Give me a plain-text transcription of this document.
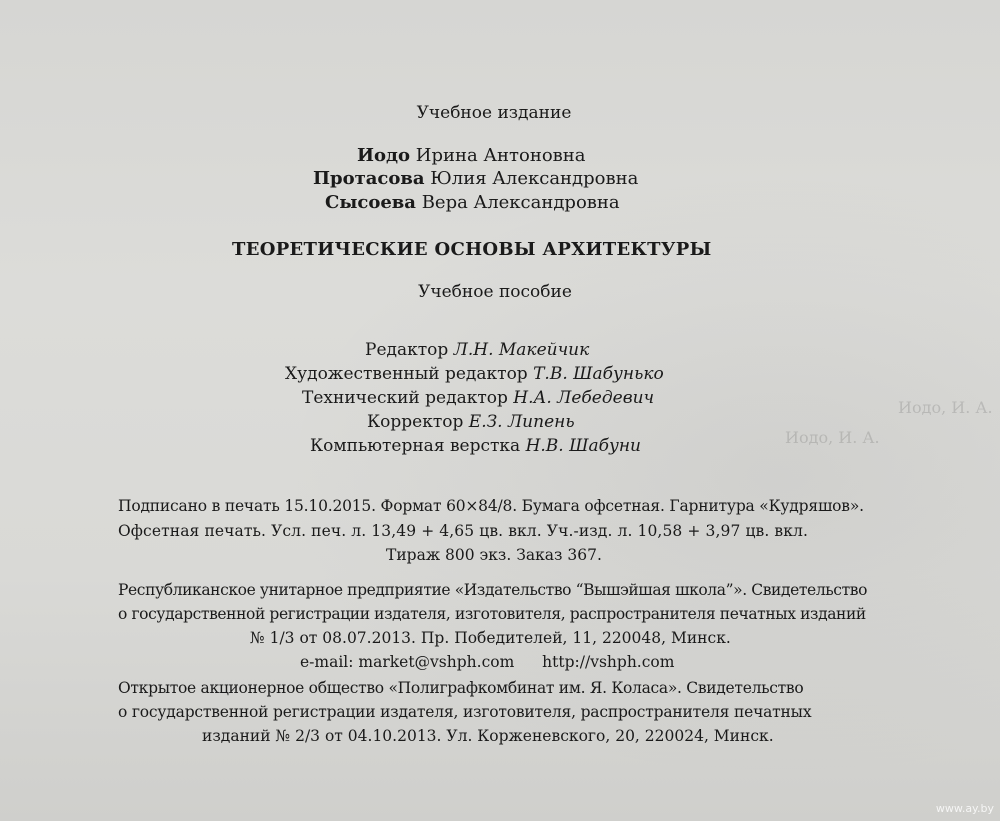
Иодо, И. А.
Иодо, И. А.
Учебное издание
Иодо Ирина Антоновна
Протасова Юлия Александровна
Сысоева Вера Александровна
ТЕОРЕТИЧЕСКИЕ ОСНОВЫ АРХИТЕКТУРЫ
Учебное пособие
Редактор Л.Н. Макейчик
Художественный редактор Т.В. Шабунько
Технический редактор Н.А. Лебедевич
Корректор Е.З. Липень
Компьютерная верстка Н.В. Шабуни
Подписано в печать 15.10.2015. Формат 60×84/8. Бумага офсетная. Гарнитура «Кудряшов».
Офсетная печать. Усл. печ. л. 13,49 + 4,65 цв. вкл. Уч.-изд. л. 10,58 + 3,97 цв. вкл.
Тираж 800 экз. Заказ 367.
Республиканское унитарное предприятие «Издательство “Вышэйшая школа”». Свидетельство
о государственной регистрации издателя, изготовителя, распространителя печатных изданий
№ 1/3 от 08.07.2013. Пр. Победителей, 11, 220048, Минск.
e-mail: market@vshph.com http://vshph.com
Открытое акционерное общество «Полиграфкомбинат им. Я. Коласа». Свидетельство
о государственной регистрации издателя, изготовителя, распространителя печатных
изданий № 2/3 от 04.10.2013. Ул. Корженевского, 20, 220024, Минск.
www.ay.by
